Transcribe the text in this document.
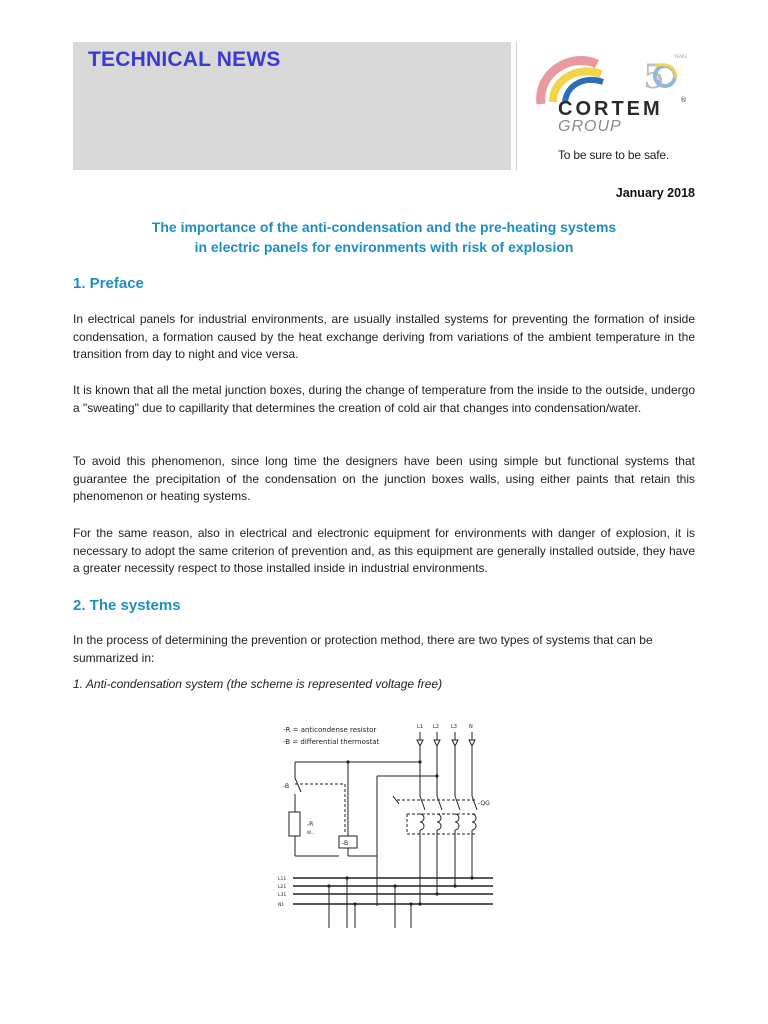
TECHNICAL NEWS	5
YEARS
®
CORTEM
GROUP
To be sure to be safe.
January 2018
The importance of the anti-condensation and the pre-heating systems
in electric panels for environments with risk of explosion
1. Preface
In electrical panels for industrial environments, are usually installed systems for preventing the formation of inside condensation, a formation caused by the heat exchange deriving from variations of the ambient temperature in the transition from day to night and vice versa.
It is known that all the metal junction boxes, during the change of temperature from the inside to the outside, undergo a "sweating" due to capillarity that determines the creation of cold air that changes into condensation/water.
To avoid this phenomenon, since long time the designers have been using simple but functional systems that guarantee the precipitation of the condensation on the junction boxes walls, using either paints that retain this phenomenon or heating systems.
For the same reason, also in electrical and electronic equipment for environments with danger of explosion, it is necessary to adopt the same criterion of prevention and, as this equipment are generally installed outside, they have a greater necessity respect to those installed inside in industrial environments.
2. The systems
In the process of determining the prevention or protection method, there are two types of systems that can be summarized in:
1. Anti-condensation system (the scheme is represented voltage free)
-R = anticondense resistor
-B = differential thermostat
L1 L2 L3 N
-B
-R
W...
-B
-QG
L11
L21
L31
N1
